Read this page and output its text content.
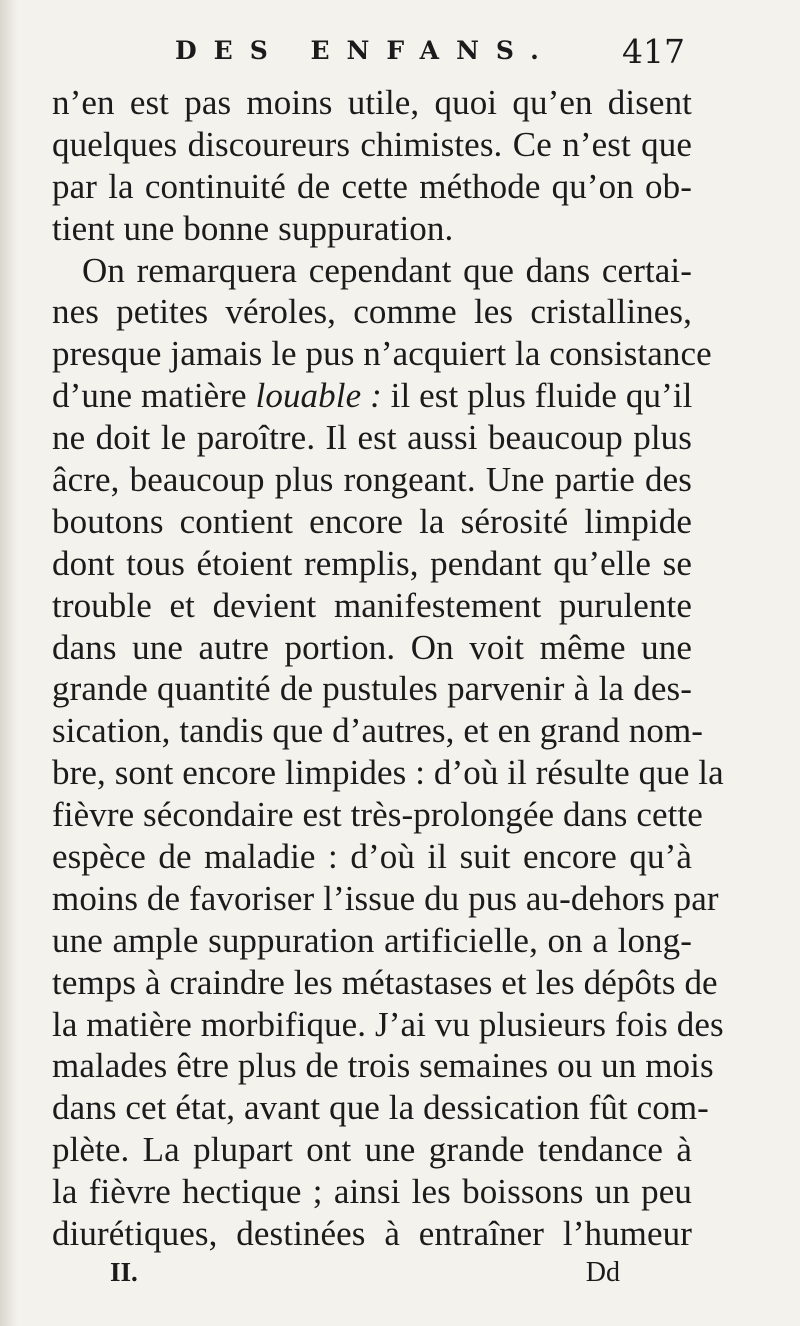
DES ENFANS. 417
n’en est pas moins utile, quoi qu’en disent
quelques discoureurs chimistes. Ce n’est que
par la continuité de cette méthode qu’on ob-
tient une bonne suppuration.
On remarquera cependant que dans certai-
nes petites véroles, comme les cristallines,
presque jamais le pus n’acquiert la consistance
d’une matière louable : il est plus fluide qu’il
ne doit le paroître. Il est aussi beaucoup plus
âcre, beaucoup plus rongeant. Une partie des
boutons contient encore la sérosité limpide
dont tous étoient remplis, pendant qu’elle se
trouble et devient manifestement purulente
dans une autre portion. On voit même une
grande quantité de pustules parvenir à la des-
sication, tandis que d’autres, et en grand nom-
bre, sont encore limpides : d’où il résulte que la
fièvre sécondaire est très-prolongée dans cette
espèce de maladie : d’où il suit encore qu’à
moins de favoriser l’issue du pus au-dehors par
une ample suppuration artificielle, on a long-
temps à craindre les métastases et les dépôts de
la matière morbifique. J’ai vu plusieurs fois des
malades être plus de trois semaines ou un mois
dans cet état, avant que la dessication fût com-
plète. La plupart ont une grande tendance à
la fièvre hectique ; ainsi les boissons un peu
diurétiques, destinées à entraîner l’humeur
II.	Dd
